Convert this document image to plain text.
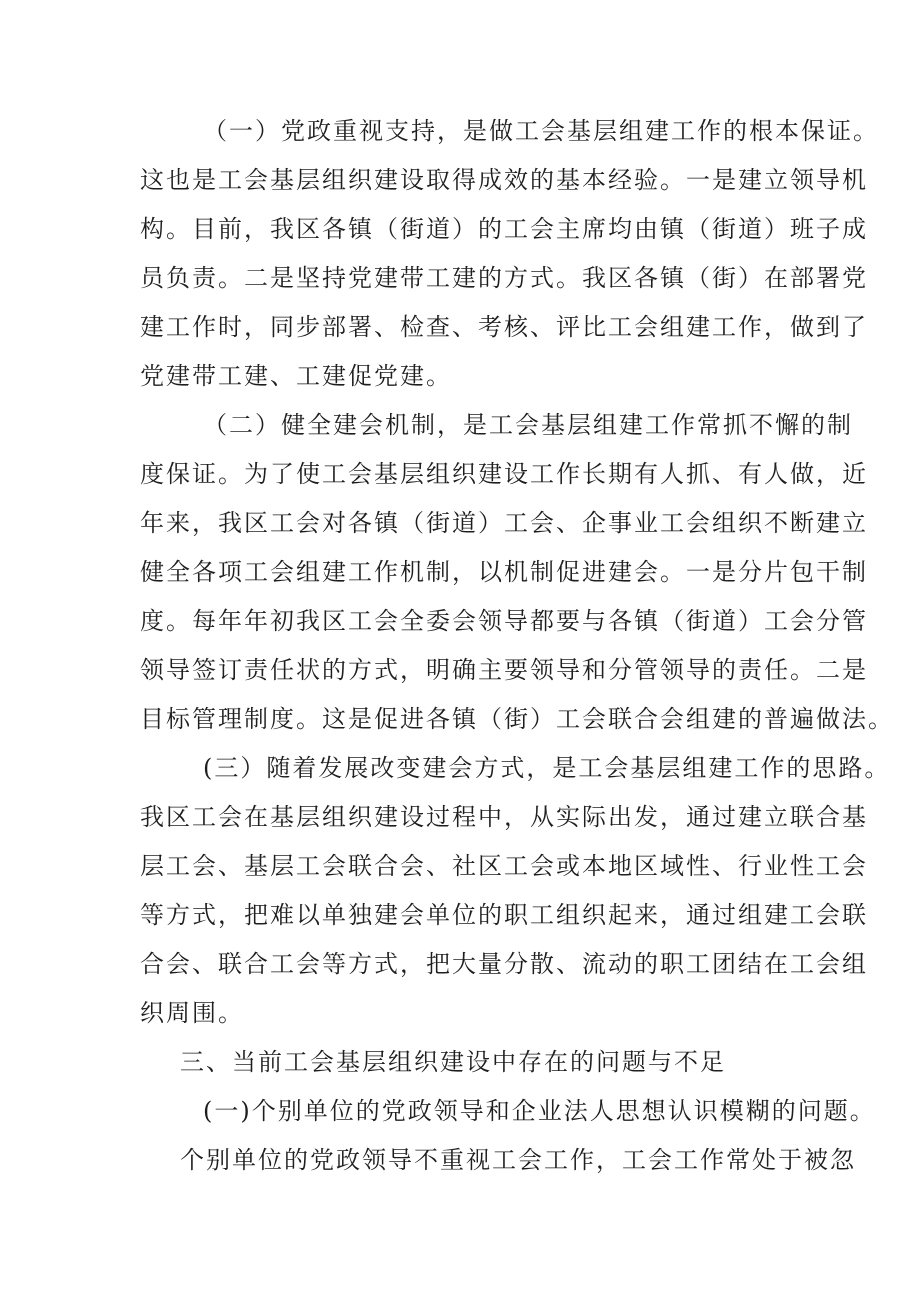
（一）党政重视支持，是做工会基层组建工作的根本保证。
这也是工会基层组织建设取得成效的基本经验。一是建立领导机
构。目前，我区各镇（街道）的工会主席均由镇（街道）班子成
员负责。二是坚持党建带工建的方式。我区各镇（街）在部署党
建工作时，同步部署、检查、考核、评比工会组建工作，做到了
党建带工建、工建促党建。
（二）健全建会机制，是工会基层组建工作常抓不懈的制
度保证。为了使工会基层组织建设工作长期有人抓、有人做，近
年来，我区工会对各镇（街道）工会、企事业工会组织不断建立
健全各项工会组建工作机制，以机制促进建会。一是分片包干制
度。每年年初我区工会全委会领导都要与各镇（街道）工会分管
领导签订责任状的方式，明确主要领导和分管领导的责任。二是
目标管理制度。这是促进各镇（街）工会联合会组建的普遍做法。
(三）随着发展改变建会方式，是工会基层组建工作的思路。
我区工会在基层组织建设过程中，从实际出发，通过建立联合基
层工会、基层工会联合会、社区工会或本地区域性、行业性工会
等方式，把难以单独建会单位的职工组织起来，通过组建工会联
合会、联合工会等方式，把大量分散、流动的职工团结在工会组
织周围。
三、当前工会基层组织建设中存在的问题与不足
(一)个别单位的党政领导和企业法人思想认识模糊的问题。
个别单位的党政领导不重视工会工作，工会工作常处于被忽
